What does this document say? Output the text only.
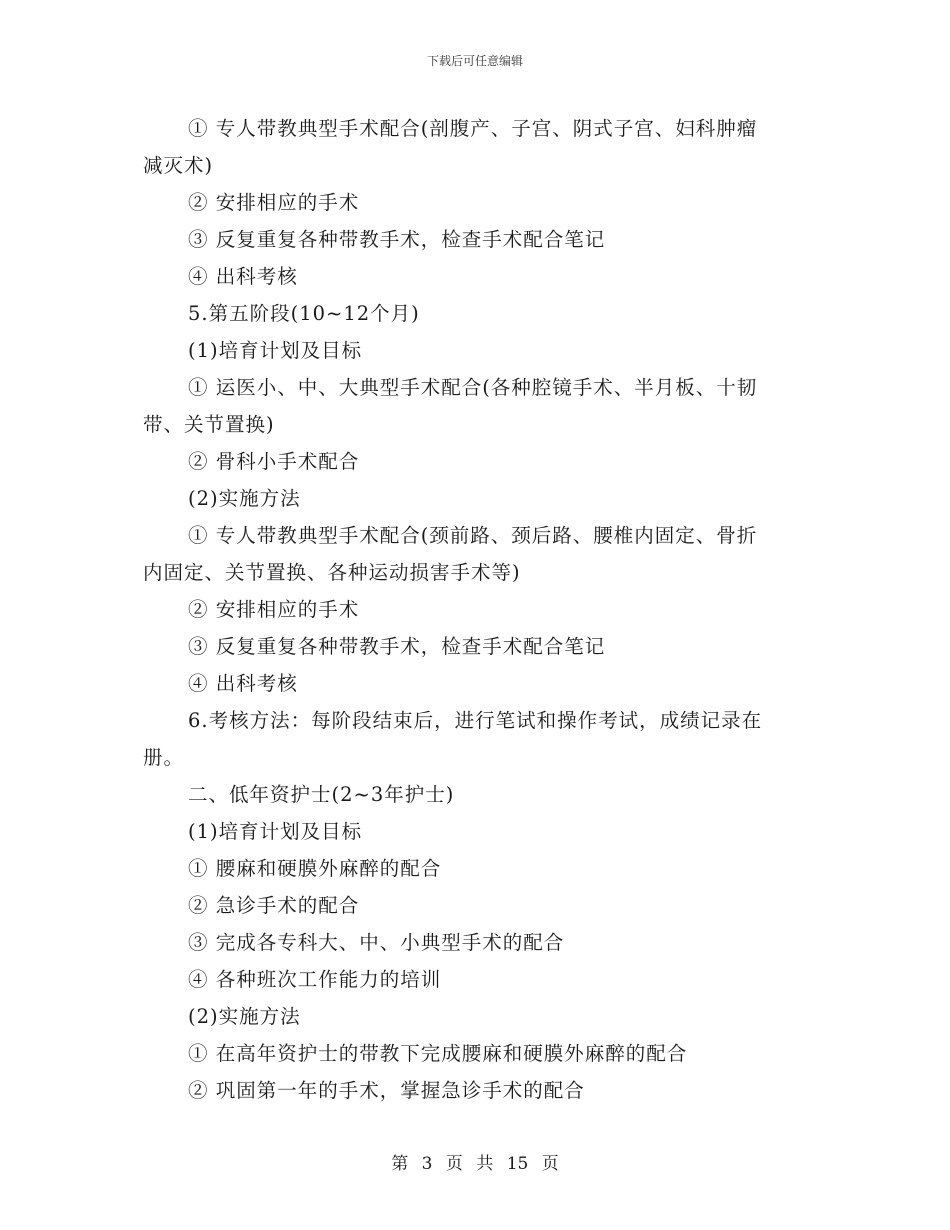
下载后可任意编辑
① 专人带教典型手术配合(剖腹产、子宫、阴式子宫、妇科肿瘤
减灭术)
② 安排相应的手术
③ 反复重复各种带教手术，检查手术配合笔记
④ 出科考核
5.第五阶段(10~12个月)
(1)培育计划及目标
① 运医小、中、大典型手术配合(各种腔镜手术、半月板、十韧
带、关节置换)
② 骨科小手术配合
(2)实施方法
① 专人带教典型手术配合(颈前路、颈后路、腰椎内固定、骨折
内固定、关节置换、各种运动损害手术等)
② 安排相应的手术
③ 反复重复各种带教手术，检查手术配合笔记
④ 出科考核
6.考核方法：每阶段结束后，进行笔试和操作考试，成绩记录在
册。
二、低年资护士(2~3年护士)
(1)培育计划及目标
① 腰麻和硬膜外麻醉的配合
② 急诊手术的配合
③ 完成各专科大、中、小典型手术的配合
④ 各种班次工作能力的培训
(2)实施方法
① 在高年资护士的带教下完成腰麻和硬膜外麻醉的配合
② 巩固第一年的手术，掌握急诊手术的配合
第 3 页 共 15 页
